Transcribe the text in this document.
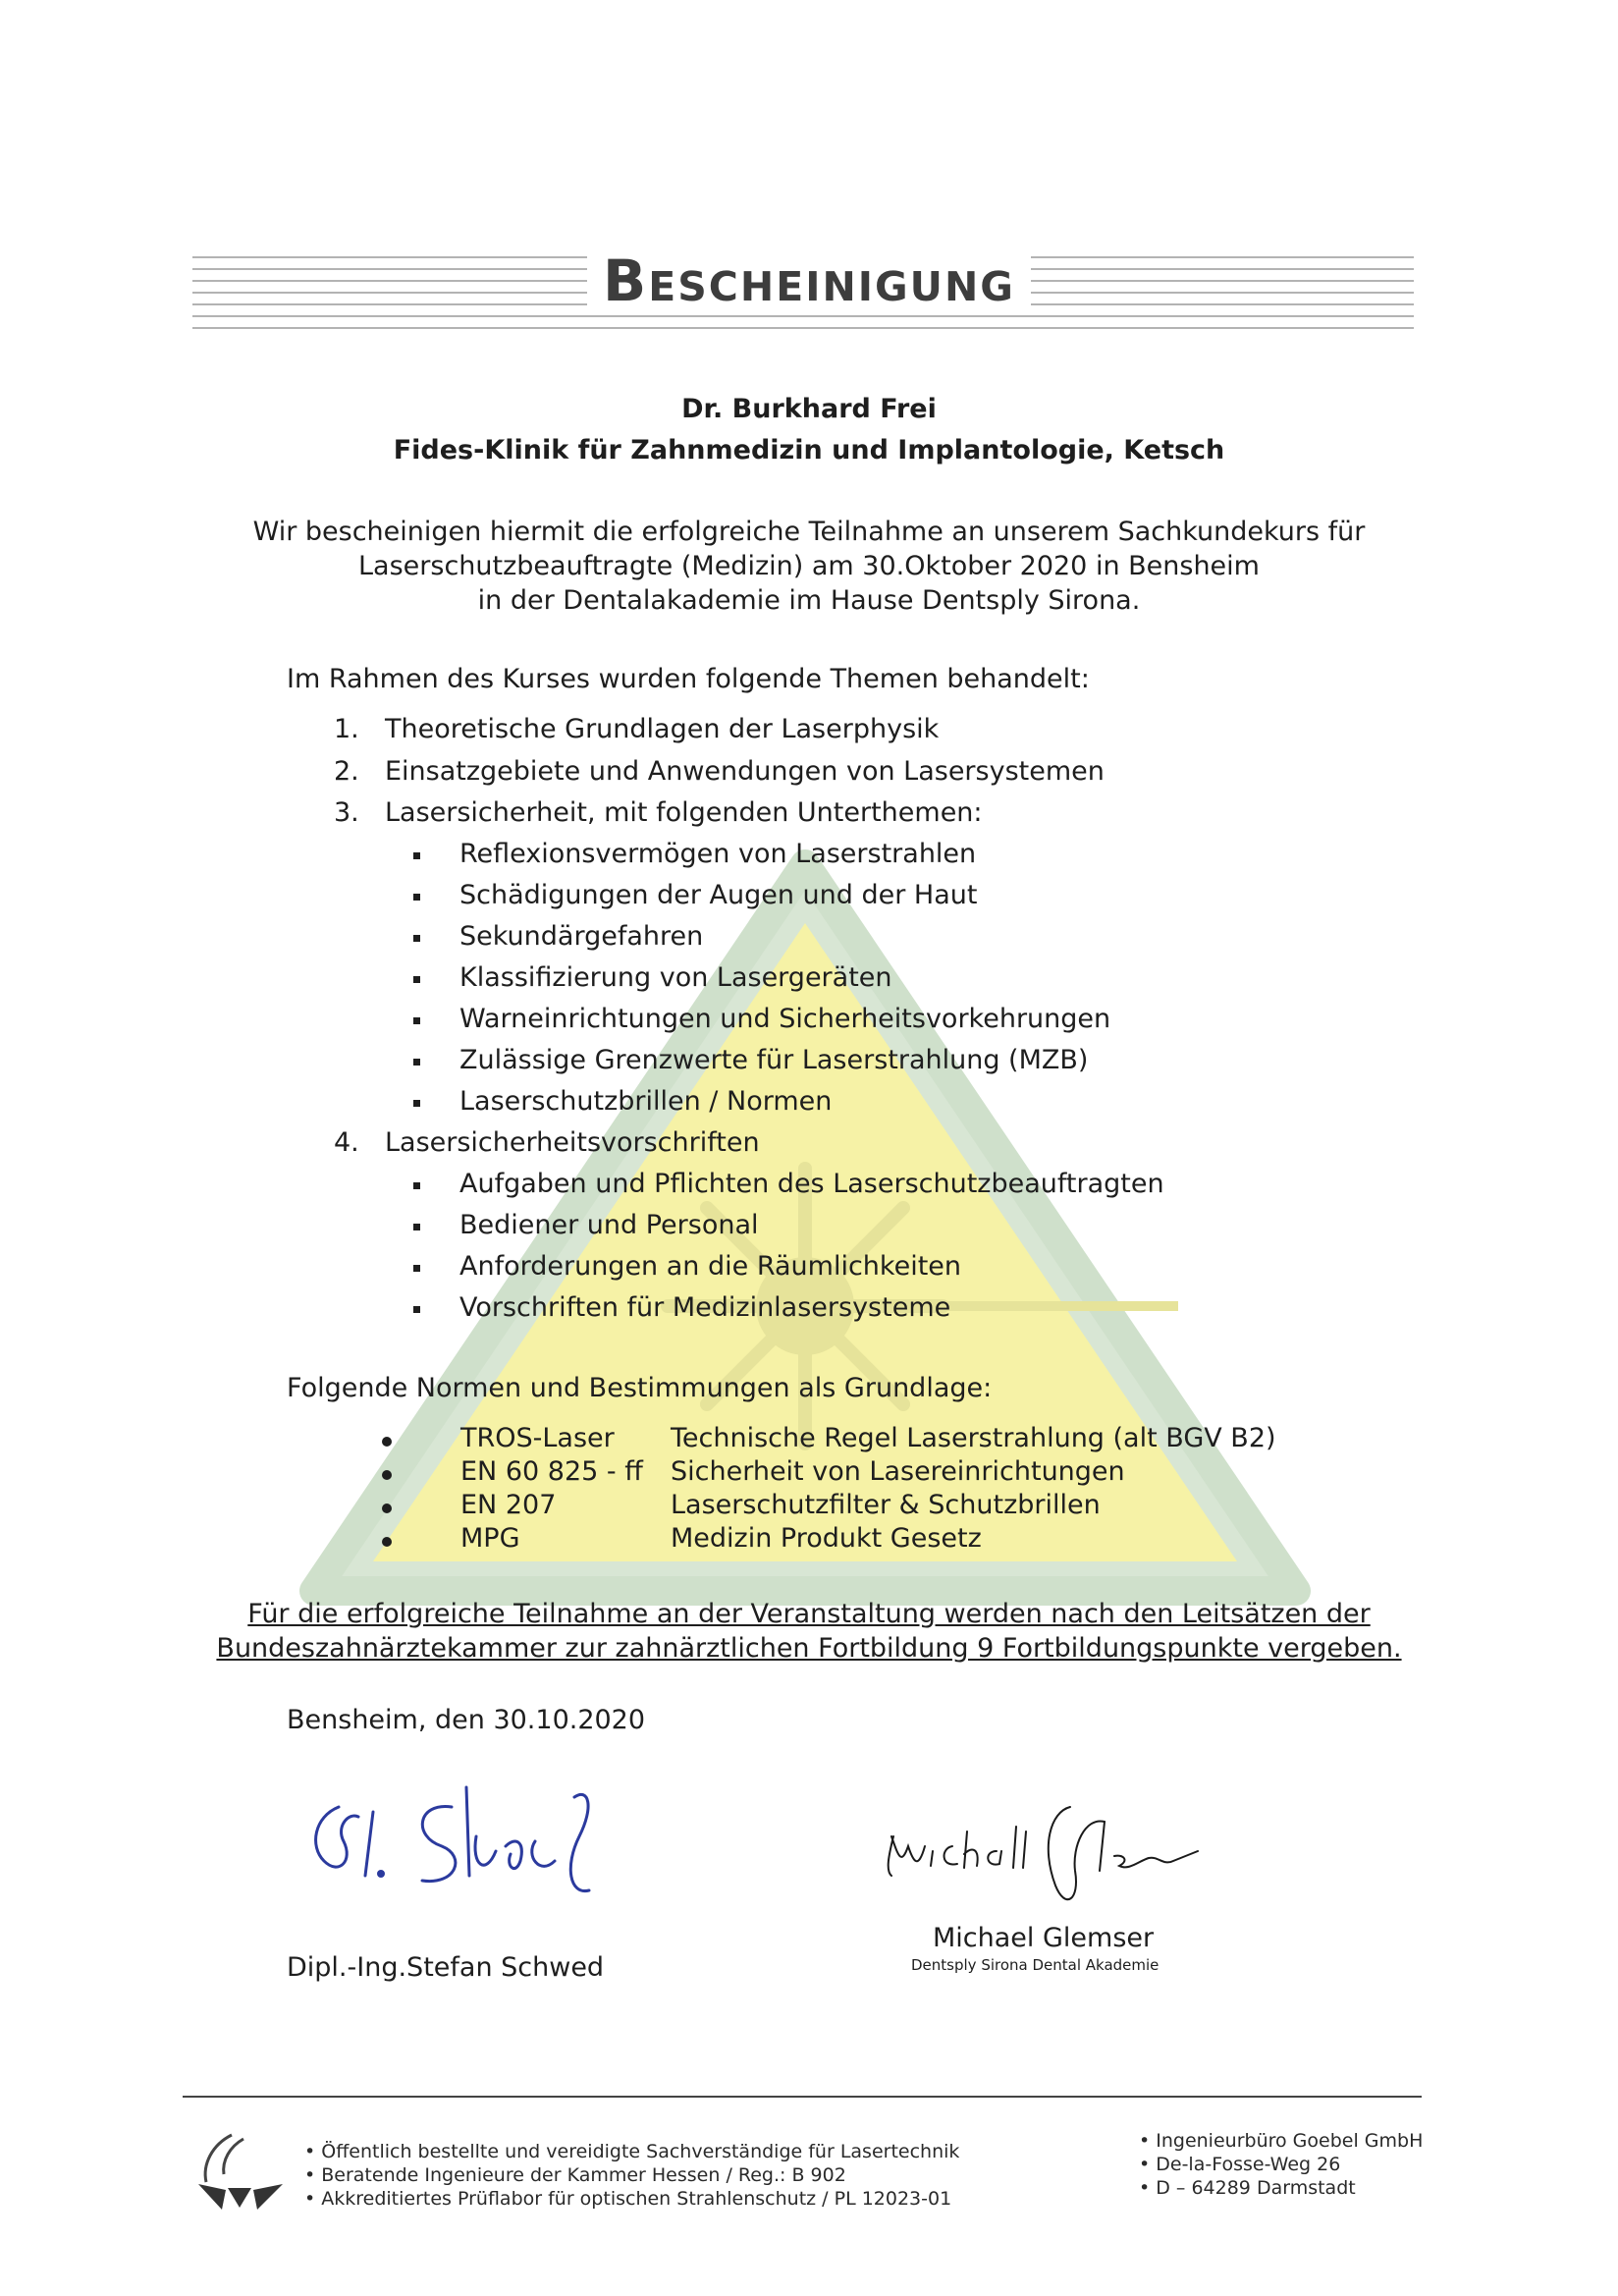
Bescheinigung
Dr. Burkhard Frei
Fides-Klinik für Zahnmedizin und Implantologie, Ketsch
Wir bescheinigen hiermit die erfolgreiche Teilnahme an unserem Sachkundekurs für
Laserschutzbeauftragte (Medizin) am 30.Oktober 2020 in Bensheim
in der Dentalakademie im Hause Dentsply Sirona.
Im Rahmen des Kurses wurden folgende Themen behandelt:
1. Theoretische Grundlagen der Laserphysik
2. Einsatzgebiete und Anwendungen von Lasersystemen
3. Lasersicherheit, mit folgenden Unterthemen:
Reflexionsvermögen von Laserstrahlen
Schädigungen der Augen und der Haut
Sekundärgefahren
Klassifizierung von Lasergeräten
Warneinrichtungen und Sicherheitsvorkehrungen
Zulässige Grenzwerte für Laserstrahlung (MZB)
Laserschutzbrillen / Normen
4. Lasersicherheitsvorschriften
Aufgaben und Pflichten des Laserschutzbeauftragten
Bediener und Personal
Anforderungen an die Räumlichkeiten
Vorschriften für Medizinlasersysteme
Folgende Normen und Bestimmungen als Grundlage:
TROS-Laser Technische Regel Laserstrahlung (alt BGV B2)
EN 60 825 - ff Sicherheit von Lasereinrichtungen
EN 207	Laserschutzfilter & Schutzbrillen
MPG	Medizin Produkt Gesetz
Für die erfolgreiche Teilnahme an der Veranstaltung werden nach den Leitsätzen der
Bundeszahnärztekammer zur zahnärztlichen Fortbildung 9 Fortbildungspunkte vergeben.
Bensheim, den 30.10.2020
Dipl.-Ing.Stefan Schwed
Michael Glemser
Dentsply Sirona Dental Akademie
• Öffentlich bestellte und vereidigte Sachverständige für Lasertechnik
• Beratende Ingenieure der Kammer Hessen / Reg.: B 902
• Akkreditiertes Prüflabor für optischen Strahlenschutz / PL 12023-01
• Ingenieurbüro Goebel GmbH
• De-la-Fosse-Weg 26
• D – 64289 Darmstadt
